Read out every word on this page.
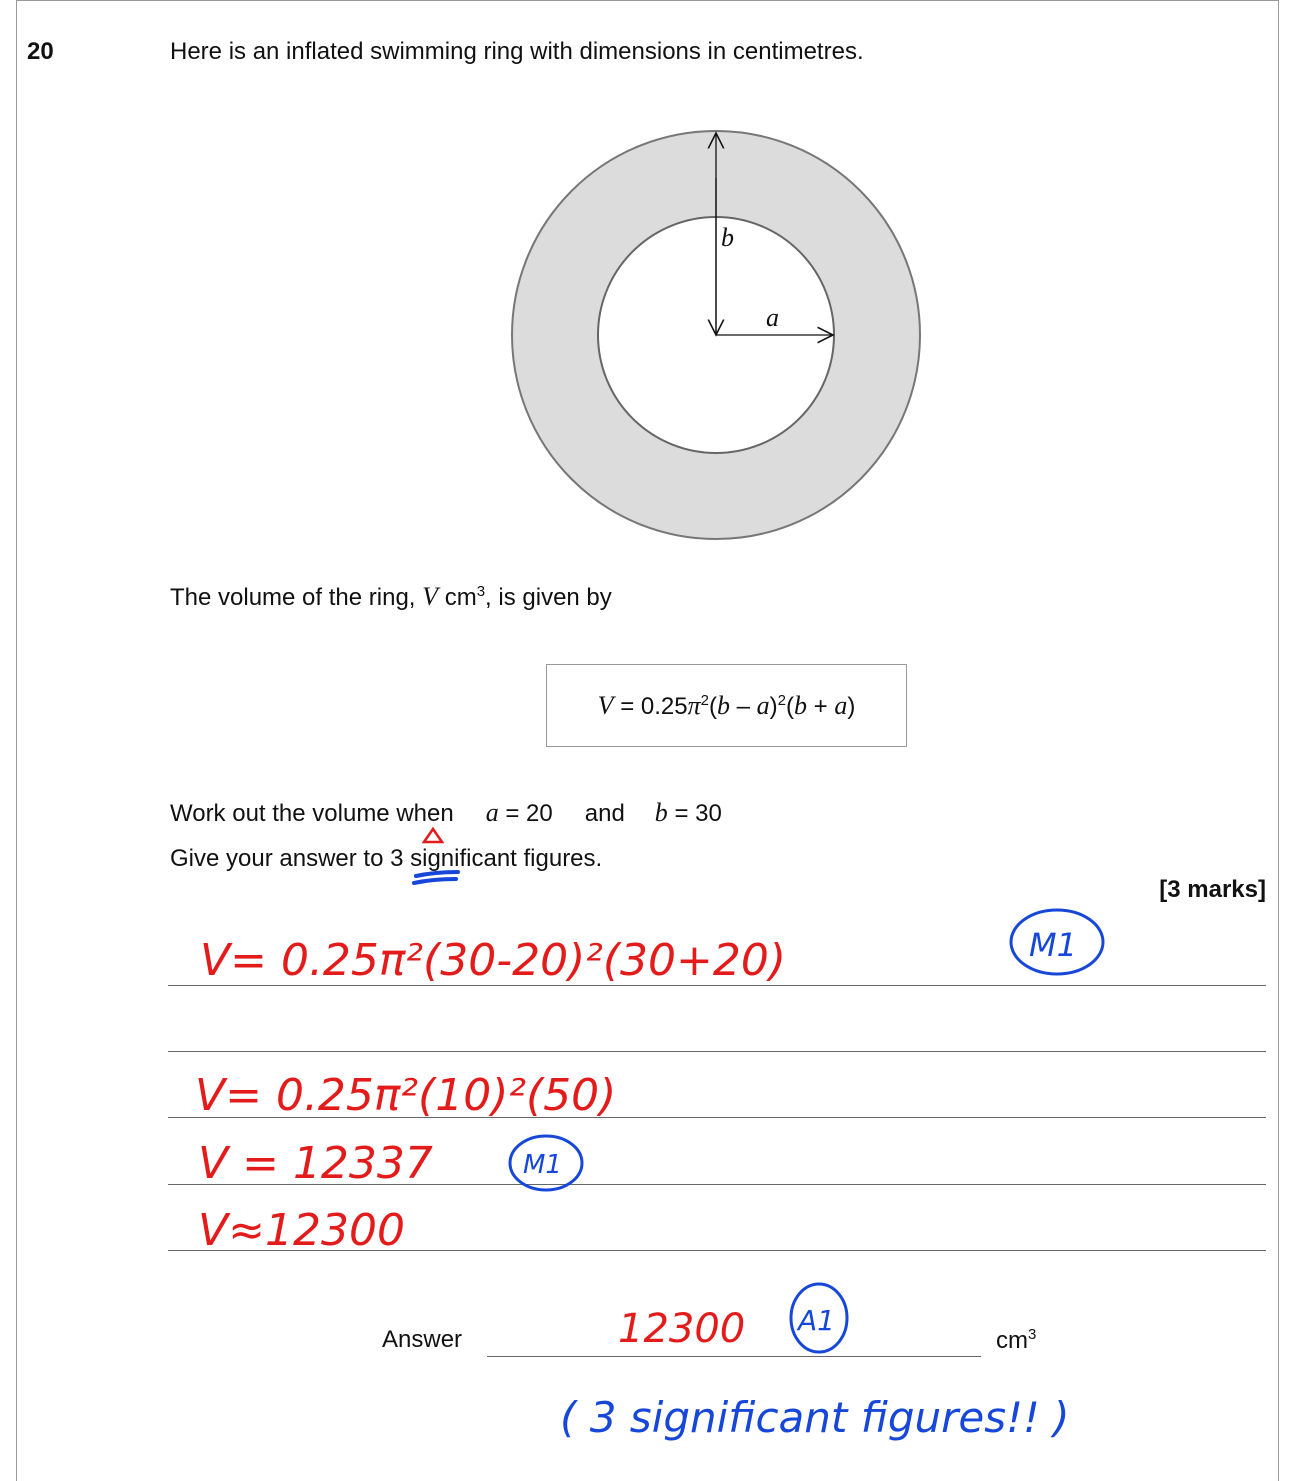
20	Here is an inflated swimming ring with dimensions in centimetres.
b
a
The volume of the ring, V $cm^3$, is given by
$V = 0.25\pi^2(b - a)^2(b + a)$
Work out the volume when a = 20 and b = 30
Give your answer to 3 significant figures.
[3 marks]
Answer	$cm^3$
V= 0.25π²(30-20)²(30+20)
V= 0.25π²(10)²(50)
V = 12337
V≈12300
12300
M1
M1
A1
( 3 significant figures!! )
